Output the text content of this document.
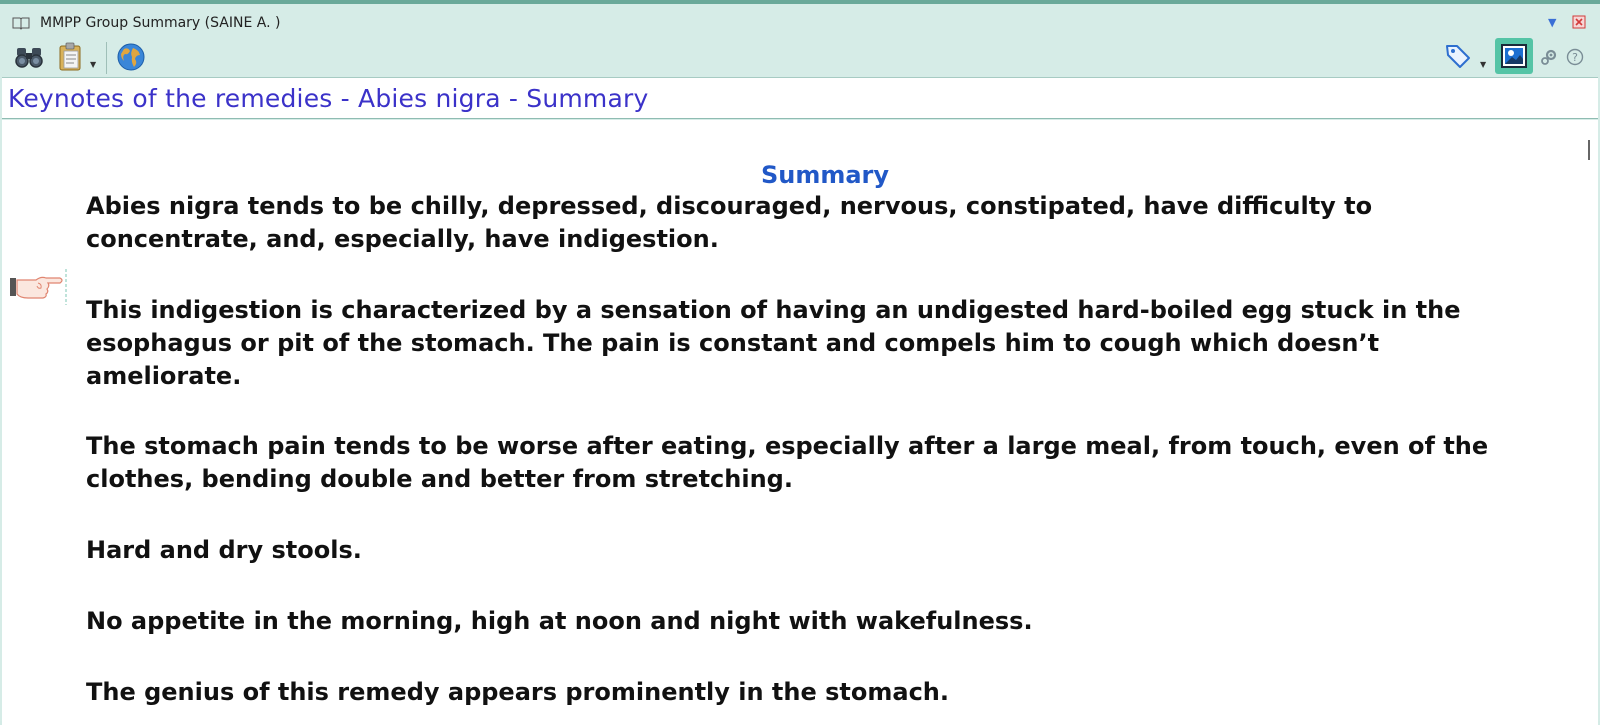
MMPP Group Summary (SAINE A. )	▼
▼	▼
?
Keynotes of the remedies - Abies nigra - Summary
Summary
Abies nigra tends to be chilly, depressed, discouraged, nervous, constipated, have difficulty to concentrate, and, especially, have indigestion.
This indigestion is characterized by a sensation of having an undigested hard-boiled egg stuck in the esophagus or pit of the stomach. The pain is constant and compels him to cough which doesn’t ameliorate.
The stomach pain tends to be worse after eating, especially after a large meal, from touch, even of the clothes, bending double and better from stretching.
Hard and dry stools.
No appetite in the morning, high at noon and night with wakefulness.
The genius of this remedy appears prominently in the stomach.
